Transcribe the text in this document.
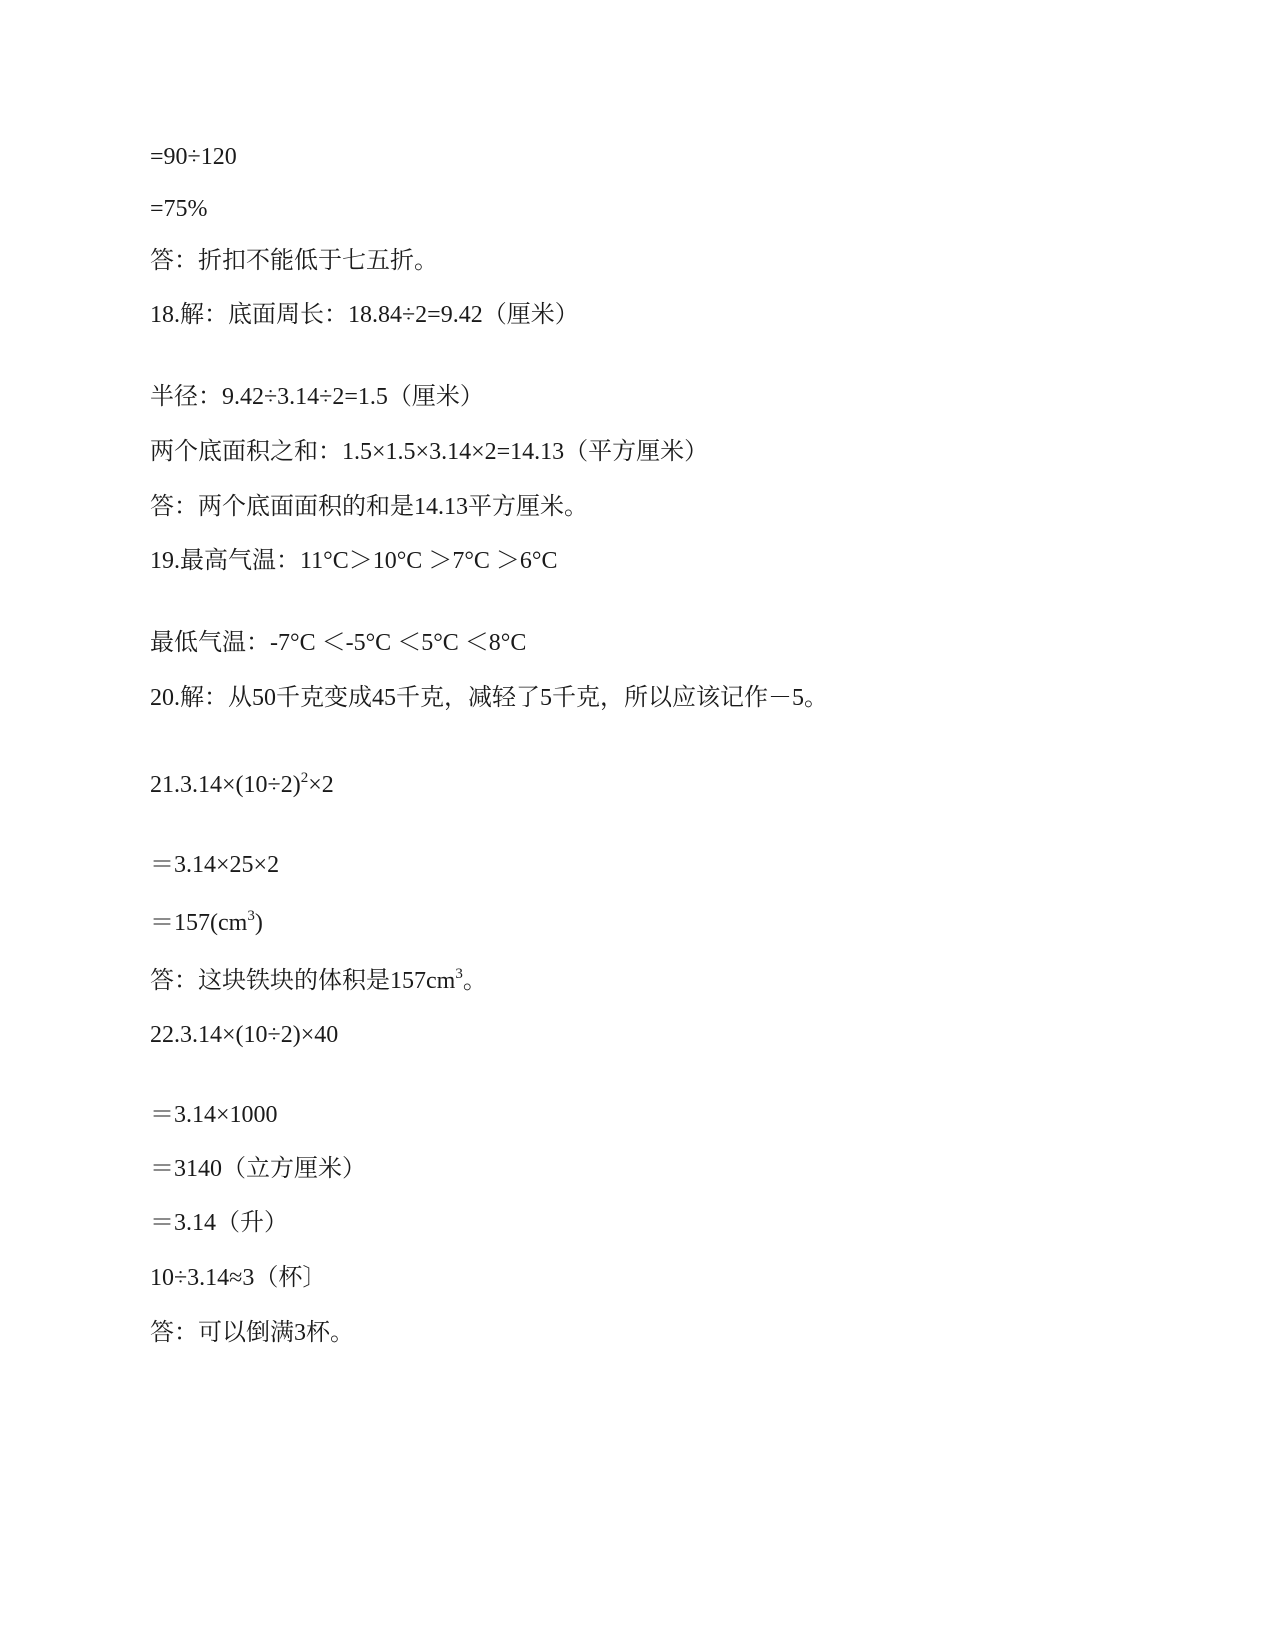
=90÷120
=75%
答：折扣不能低于七五折。
18.解：底面周长：18.84÷2=9.42（厘米）
半径：9.42÷3.14÷2=1.5（厘米）
两个底面积之和：1.5×1.5×3.14×2=14.13（平方厘米）
答：两个底面面积的和是14.13平方厘米。
19.最高气温：11°C＞10°C ＞7°C ＞6°C
最低气温：-7°C ＜-5°C ＜5°C ＜8°C
20.解：从50千克变成45千克，减轻了5千克，所以应该记作－5。
$21.3.14\times(10\div 2)^2\times 2$
＝3.14×25×2
$=157(cm^3)$
答：这块铁块的体积是$157cm^3$。
22.3.14×(10÷2)×40
＝3.14×1000
＝3140（立方厘米）
＝3.14（升）
10÷3.14≈3（杯〕
答：可以倒满3杯。
